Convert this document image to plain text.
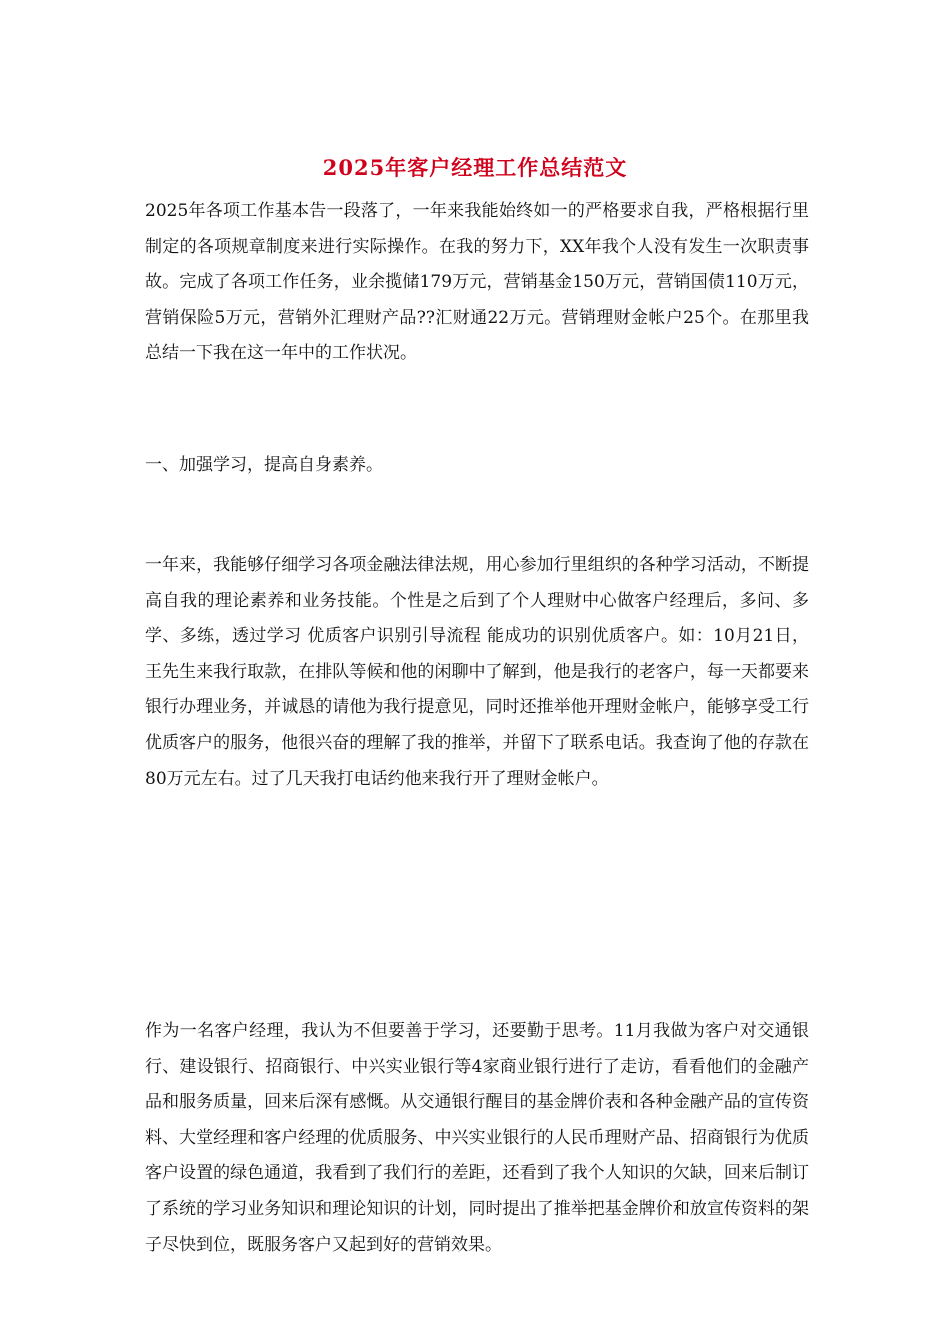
2025年客户经理工作总结范文

2025年各项工作基本告一段落了，一年来我能始终如一的严格要求自我，严格根据行里制定的各项规章制度来进行实际操作。在我的努力下，XX年我个人没有发生一次职责事故。完成了各项工作任务，业余揽储179万元，营销基金150万元，营销国债110万元，营销保险5万元，营销外汇理财产品??汇财通22万元。营销理财金帐户25个。在那里我总结一下我在这一年中的工作状况。

一、加强学习，提高自身素养。

一年来，我能够仔细学习各项金融法律法规，用心参加行里组织的各种学习活动，不断提高自我的理论素养和业务技能。个性是之后到了个人理财中心做客户经理后，多问、多学、多练，透过学习 优质客户识别引导流程 能成功的识别优质客户。如：10月21日，王先生来我行取款，在排队等候和他的闲聊中了解到，他是我行的老客户，每一天都要来银行办理业务，并诚恳的请他为我行提意见，同时还推举他开理财金帐户，能够享受工行优质客户的服务，他很兴奋的理解了我的推举，并留下了联系电话。我查询了他的存款在80万元左右。过了几天我打电话约他来我行开了理财金帐户。

作为一名客户经理，我认为不但要善于学习，还要勤于思考。11月我做为客户对交通银行、建设银行、招商银行、中兴实业银行等4家商业银行进行了走访，看看他们的金融产品和服务质量，回来后深有感慨。从交通银行醒目的基金牌价表和各种金融产品的宣传资料、大堂经理和客户经理的优质服务、中兴实业银行的人民币理财产品、招商银行为优质客户设置的绿色通道，我看到了我们行的差距，还看到了我个人知识的欠缺，回来后制订了系统的学习业务知识和理论知识的计划，同时提出了推举把基金牌价和放宣传资料的架子尽快到位，既服务客户又起到好的营销效果。
